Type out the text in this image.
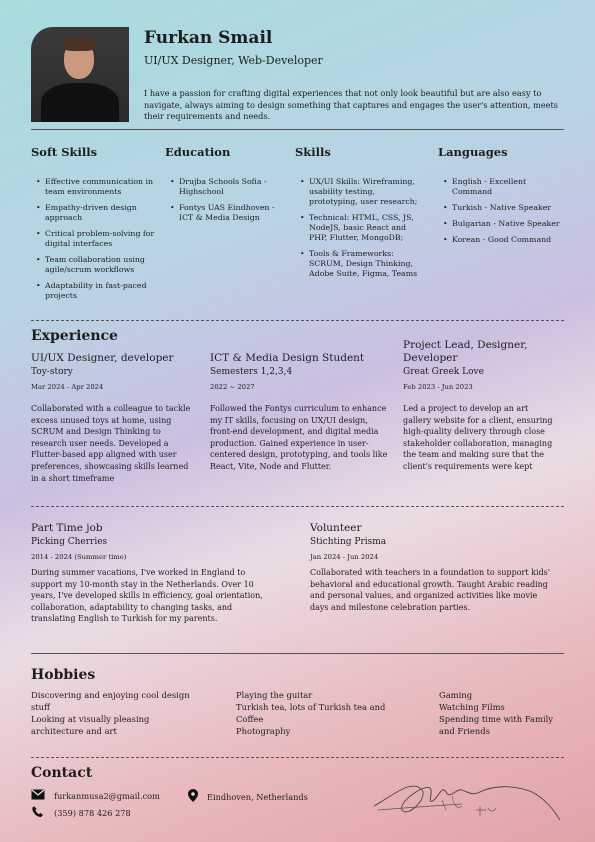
Furkan Smail
UI/UX Designer, Web-Developer
I have a passion for crafting digital experiences that not only look beautiful but are also easy to navigate, always aiming to design something that captures and engages the user's attention, meets their requirements and needs.
Soft Skills
• Effective communication in team environments
• Empathy-driven design approach
• Critical problem-solving for digital interfaces
• Team collaboration using agile/scrum workflows
• Adaptability in fast-paced projects
Education
• Drujba Schools Sofia - Highschool
• Fontys UAS Eindhoven - ICT & Media Design
Skills
• UX/UI Skills: Wireframing, usability testing, prototyping, user research;
• Technical: HTML, CSS, JS, NodeJS, basic React and PHP, Flutter, MongoDB;
• Tools & Frameworks: SCRUM, Design Thinking, Adobe Suite, Figma, Teams
Languages
• English - Excellent Command
• Turkish - Native Speaker
• Bulgarian - Native Speaker
• Korean - Good Command
Experience
UI/UX Designer, developer
Toy-story
Mar 2024 - Apr 2024
Collaborated with a colleague to tackle excess unused toys at home, using SCRUM and Design Thinking to research user needs. Developed a Flutter-based app aligned with user preferences, showcasing skills learned in a short timeframe
ICT & Media Design Student
Semesters 1,2,3,4
2022 ~ 2027
Followed the Fontys curriculum to enhance my IT skills, focusing on UX/UI design, front-end development, and digital media production. Gained experience in user-centered design, prototyping, and tools like React, Vite, Node and Flutter.
Project Lead, Designer, Developer
Great Greek Love
Feb 2023 - Jun 2023
Led a project to develop an art gallery website for a client, ensuring high-quality delivery through close stakeholder collaboration, managing the team and making sure that the client's requirements were kept
Part Time job
Picking Cherries
2014 - 2024 (Summer time)
During summer vacations, I've worked in England to support my 10-month stay in the Netherlands. Over 10 years, I've developed skills in efficiency, goal orientation, collaboration, adaptability to changing tasks, and translating English to Turkish for my parents.
Volunteer
Stichting Prisma
Jan 2024 - Jun 2024
Collaborated with teachers in a foundation to support kids' behavioral and educational growth. Taught Arabic reading and personal values, and organized activities like movie days and milestone celebration parties.
Hobbies
Discovering and enjoying cool design stuff
Looking at visually pleasing architecture and art
Playing the guitar
Turkish tea, lots of Turkish tea and Coffee
Photography
Gaming
Watching Films
Spending time with Family and Friends
Contact
furkanmusa2@gmail.com
(359) 878 426 278
Eindhoven, Netherlands
